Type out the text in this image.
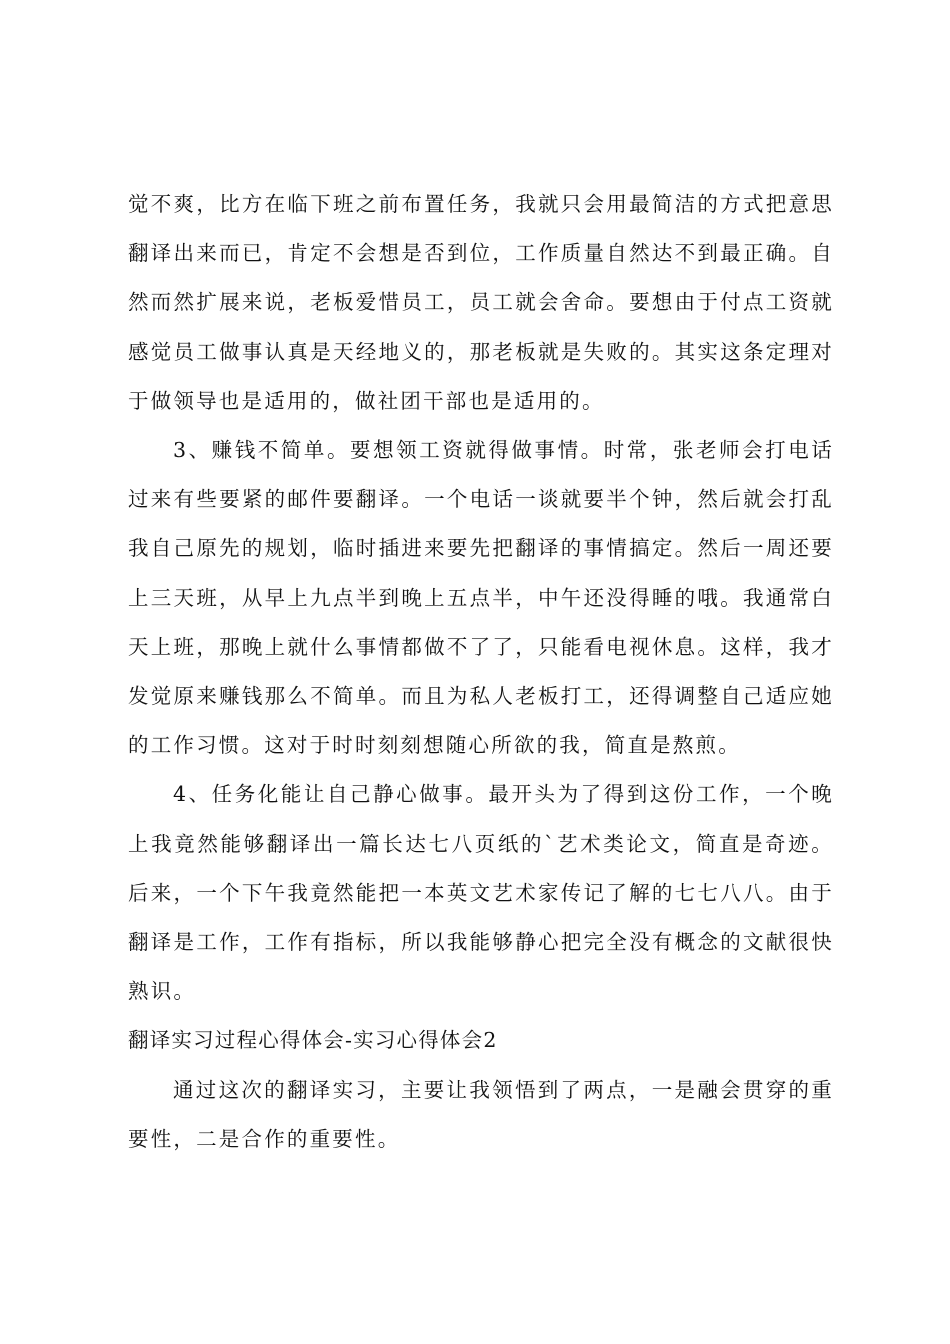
觉不爽，比方在临下班之前布置任务，我就只会用最简洁的方式把意思翻译出来而已，肯定不会想是否到位，工作质量自然达不到最正确。自然而然扩展来说，老板爱惜员工，员工就会舍命。要想由于付点工资就感觉员工做事认真是天经地义的，那老板就是失败的。其实这条定理对于做领导也是适用的，做社团干部也是适用的。

3、赚钱不简单。要想领工资就得做事情。时常，张老师会打电话过来有些要紧的邮件要翻译。一个电话一谈就要半个钟，然后就会打乱我自己原先的规划，临时插进来要先把翻译的事情搞定。然后一周还要上三天班，从早上九点半到晚上五点半，中午还没得睡的哦。我通常白天上班，那晚上就什么事情都做不了了，只能看电视休息。这样，我才发觉原来赚钱那么不简单。而且为私人老板打工，还得调整自己适应她的工作习惯。这对于时时刻刻想随心所欲的我，简直是熬煎。

4、任务化能让自己静心做事。最开头为了得到这份工作，一个晚上我竟然能够翻译出一篇长达七八页纸的`艺术类论文，简直是奇迹。后来，一个下午我竟然能把一本英文艺术家传记了解的七七八八。由于翻译是工作，工作有指标，所以我能够静心把完全没有概念的文献很快熟识。

翻译实习过程心得体会-实习心得体会2

通过这次的翻译实习，主要让我领悟到了两点，一是融会贯穿的重要性，二是合作的重要性。
